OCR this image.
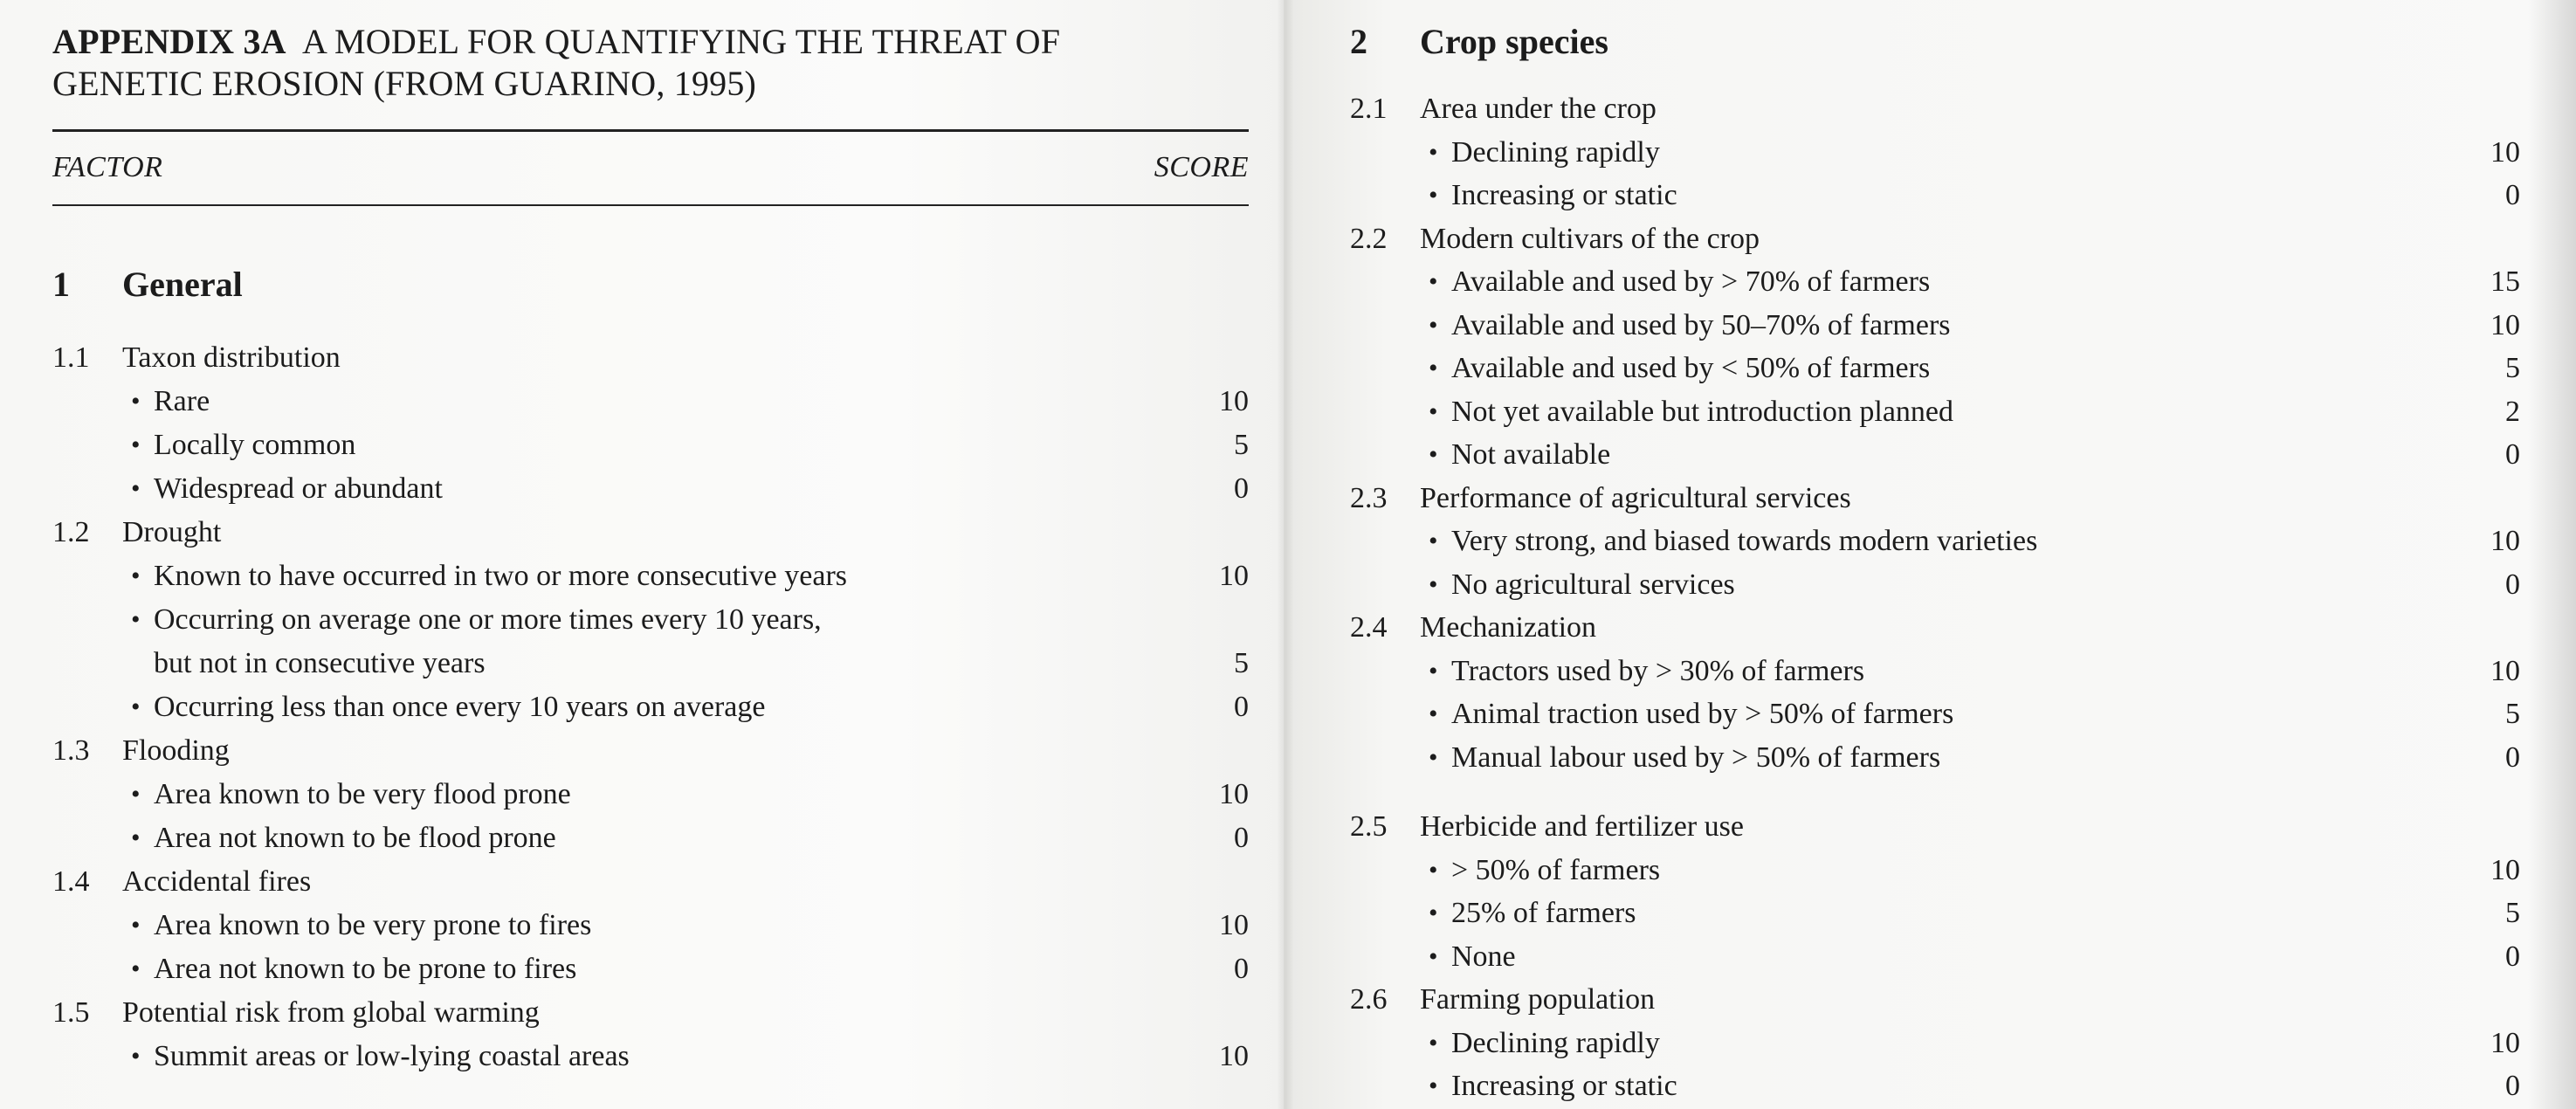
APPENDIX 3A A MODEL FOR QUANTIFYING THE THREAT OF
GENETIC EROSION (FROM GUARINO, 1995)
FACTOR	SCORE
1 General
1.1 Taxon distribution
• Rare	10
• Locally common	5
• Widespread or abundant	0
1.2 Drought
• Known to have occurred in two or more consecutive years	10
• Occurring on average one or more times every 10 years,
but not in consecutive years	5
• Occurring less than once every 10 years on average	0
1.3 Flooding
• Area known to be very flood prone	10
• Area not known to be flood prone	0
1.4 Accidental fires
• Area known to be very prone to fires	10
• Area not known to be prone to fires	0
1.5 Potential risk from global warming
• Summit areas or low-lying coastal areas	10
2 Crop species
2.1 Area under the crop
• Declining rapidly	10
• Increasing or static	0
2.2 Modern cultivars of the crop
• Available and used by > 70% of farmers	15
• Available and used by 50–70% of farmers	10
• Available and used by < 50% of farmers	5
• Not yet available but introduction planned	2
• Not available	0
2.3 Performance of agricultural services
• Very strong, and biased towards modern varieties	10
• No agricultural services	0
2.4 Mechanization
• Tractors used by > 30% of farmers	10
• Animal traction used by > 50% of farmers	5
• Manual labour used by > 50% of farmers	0
2.5 Herbicide and fertilizer use
• > 50% of farmers	10
• 25% of farmers	5
• None	0
2.6 Farming population
• Declining rapidly	10
• Increasing or static	0
